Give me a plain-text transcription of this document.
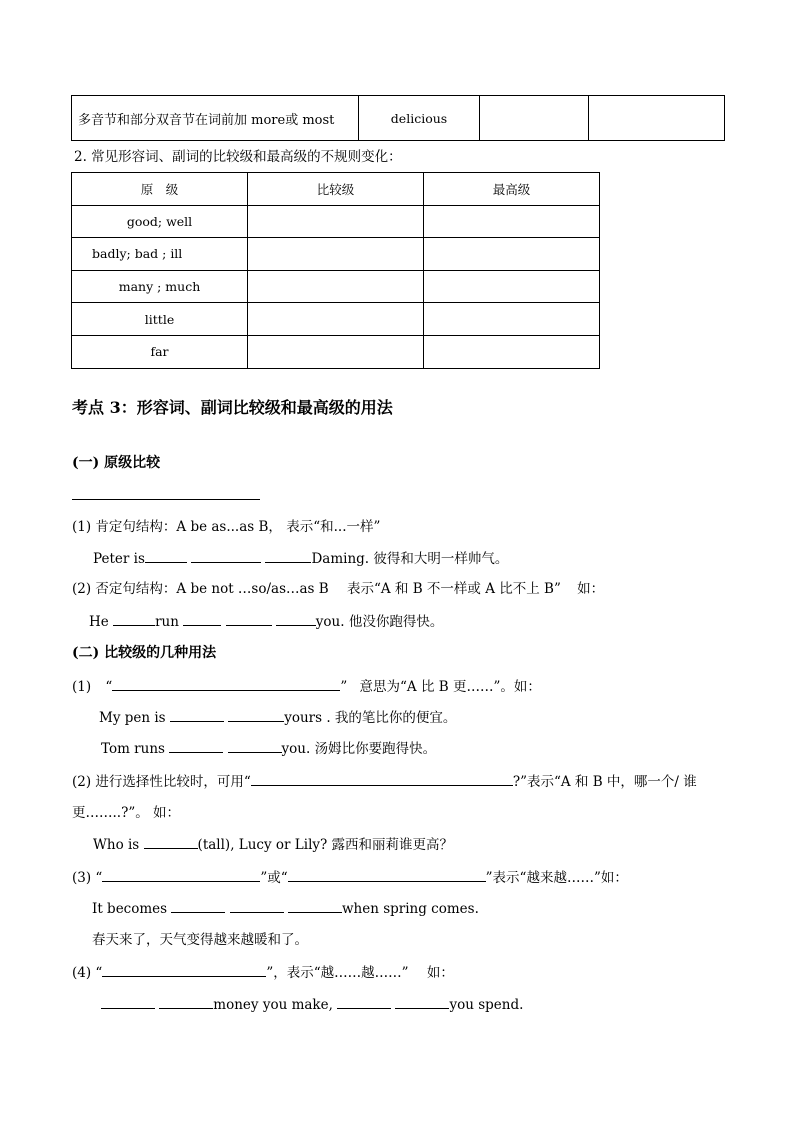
多音节和部分双音节在词前加 more或 most	delicious		
2. 常见形容词、副词的比较级和最高级的不规则变化：
原　级	比较级	最高级
good; well		
badly; bad ; ill		
many ; much		
little		
far		
考点 3：形容词、副词比较级和最高级的用法
(一) 原级比较
(1) 肯定句结构：A be as...as B， 表示“和...一样”
Peter is	Daming. 彼得和大明一样帅气。
(2) 否定句结构：A be not …so/as…as B 表示“A 和 B 不一样或 A 比不上 B” 如：
He	run	you. 他没你跑得快。
(二) 比较级的几种用法
(1) “	” 意思为“A 比 B 更……”。如：
My pen is	yours . 我的笔比你的便宜。
Tom runs	you. 汤姆比你要跑得快。
(2) 进行选择性比较时，可用“	?”表示“A 和 B 中，哪一个/ 谁
更……..?”。 如：
Who is	(tall), Lucy or Lily? 露西和丽莉谁更高？
(3) “	”或“	”表示“越来越……”如：
It becomes	when spring comes.
春天来了，天气变得越来越暖和了。
(4) “	”，表示“越……越……” 如：
money you make,	you spend.
